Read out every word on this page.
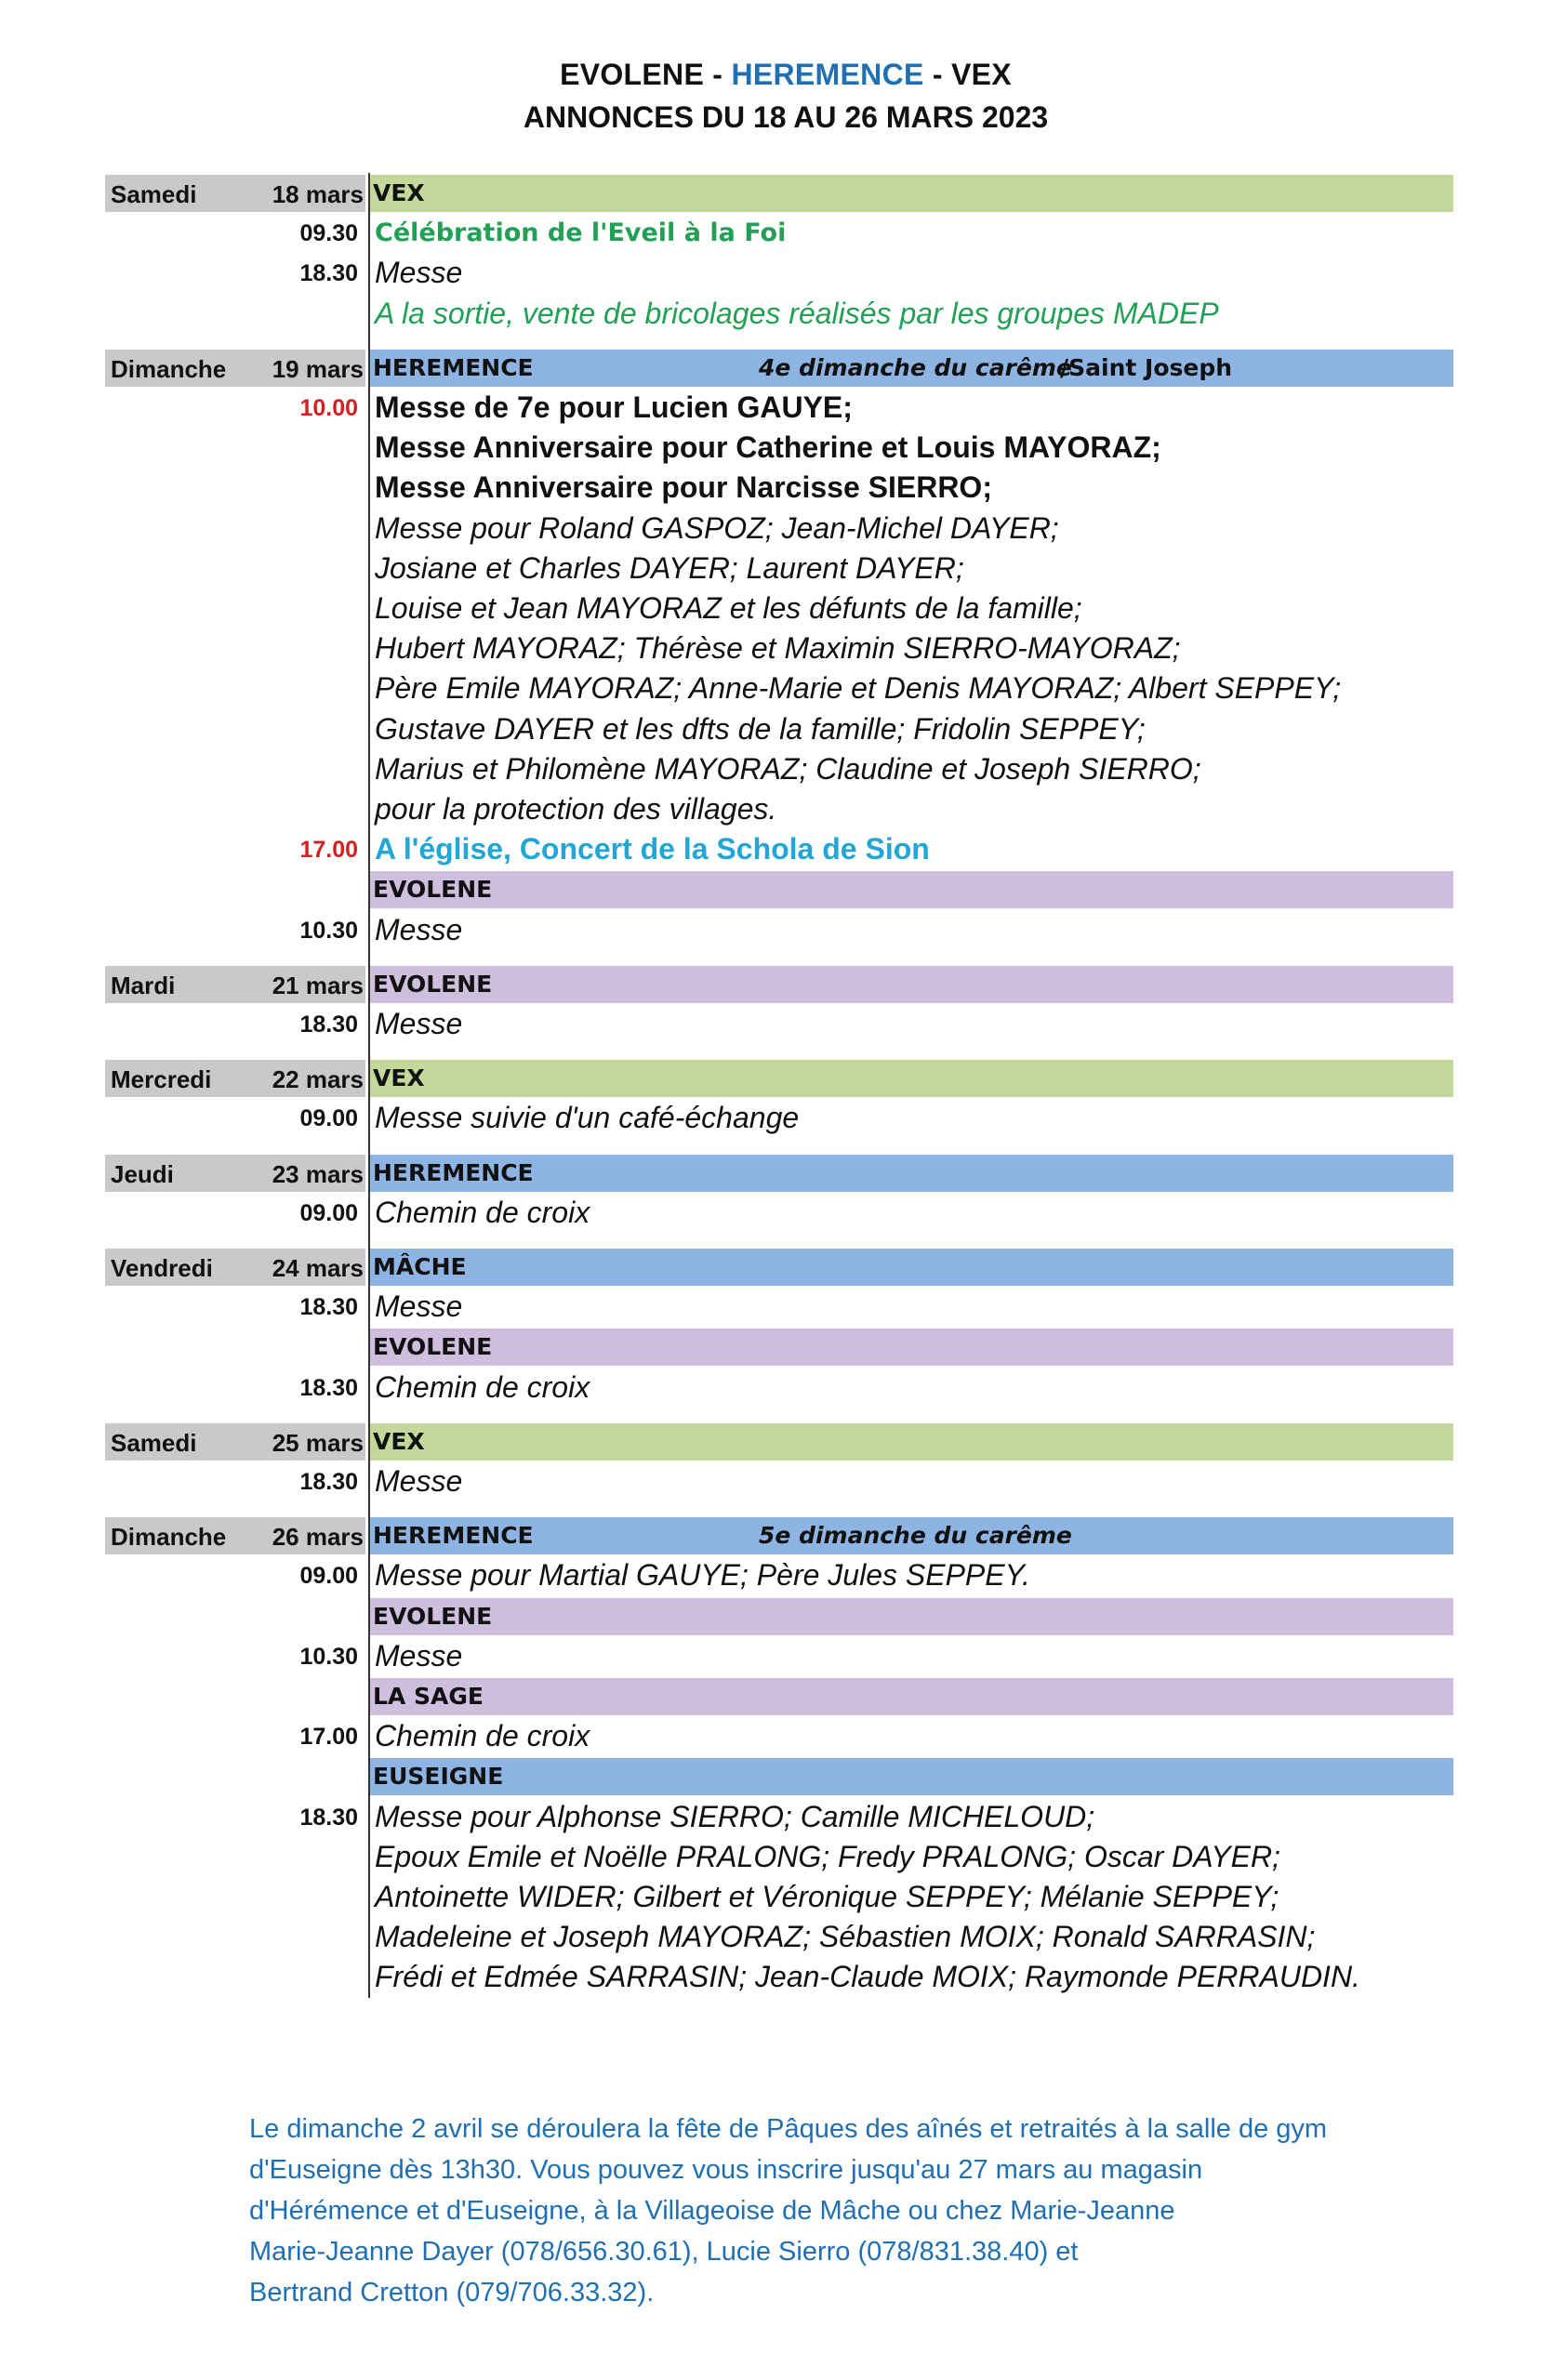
EVOLENE - HEREMENCE - VEX
ANNONCES DU 18 AU 26 MARS 2023
Samedi	18 mars VEX
09.30 Célébration de l'Eveil à la Foi
18.30 Messe
A la sortie, vente de bricolages réalisés par les groupes MADEP
Dimanche 19 mars HEREMENCE	4e dimanche du carême
/Saint Joseph
10.00 Messe de 7e pour Lucien GAUYE;
Messe Anniversaire pour Catherine et Louis MAYORAZ;
Messe Anniversaire pour Narcisse SIERRO;
Messe pour Roland GASPOZ; Jean-Michel DAYER;
Josiane et Charles DAYER; Laurent DAYER;
Louise et Jean MAYORAZ et les défunts de la famille;
Hubert MAYORAZ; Thérèse et Maximin SIERRO-MAYORAZ;
Père Emile MAYORAZ; Anne-Marie et Denis MAYORAZ; Albert SEPPEY;
Gustave DAYER et les dfts de la famille; Fridolin SEPPEY;
Marius et Philomène MAYORAZ; Claudine et Joseph SIERRO;
pour la protection des villages.
17.00 A l'église, Concert de la Schola de Sion
EVOLENE
10.30 Messe
Mardi	21 mars EVOLENE
18.30 Messe
Mercredi	22 mars VEX
09.00 Messe suivie d'un café-échange
Jeudi	23 mars HEREMENCE
09.00 Chemin de croix
Vendredi 24 mars MÂCHE
18.30 Messe
EVOLENE
18.30 Chemin de croix
Samedi	25 mars VEX
18.30 Messe
Dimanche 26 mars HEREMENCE	5e dimanche du carême
09.00 Messe pour Martial GAUYE; Père Jules SEPPEY.
EVOLENE
10.30 Messe
LA SAGE
17.00 Chemin de croix
EUSEIGNE
18.30 Messe pour Alphonse SIERRO; Camille MICHELOUD;
Epoux Emile et Noëlle PRALONG; Fredy PRALONG; Oscar DAYER;
Antoinette WIDER; Gilbert et Véronique SEPPEY; Mélanie SEPPEY;
Madeleine et Joseph MAYORAZ; Sébastien MOIX; Ronald SARRASIN;
Frédi et Edmée SARRASIN; Jean-Claude MOIX; Raymonde PERRAUDIN.
Le dimanche 2 avril se déroulera la fête de Pâques des aînés et retraités à la salle de gym
d'Euseigne dès 13h30. Vous pouvez vous inscrire jusqu'au 27 mars au magasin
d'Hérémence et d'Euseigne, à la Villageoise de Mâche ou chez Marie-Jeanne
Marie-Jeanne Dayer (078/656.30.61), Lucie Sierro (078/831.38.40) et
Bertrand Cretton (079/706.33.32).
